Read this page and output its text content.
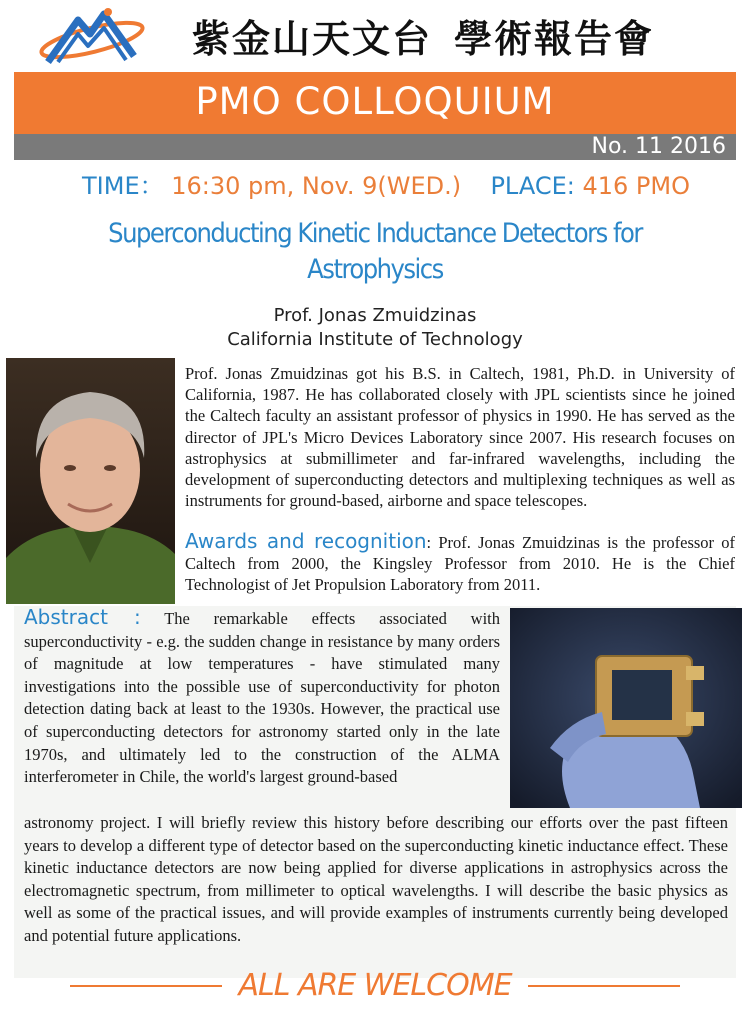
紫金山天文台 學術報告會
PMO COLLOQUIUM
No. 11 2016
TIME： 16:30 pm, Nov. 9(WED.) PLACE: 416 PMO
Superconducting Kinetic Inductance Detectors for Astrophysics
Prof. Jonas Zmuidzinas
California Institute of Technology
Prof. Jonas Zmuidzinas got his B.S. in Caltech, 1981, Ph.D. in University of California, 1987. He has collaborated closely with JPL scientists since he joined the Caltech faculty an assistant professor of physics in 1990. He has served as the director of JPL's Micro Devices Laboratory since 2007. His research focuses on astrophysics at submillimeter and far-infrared wavelengths, including the development of superconducting detectors and multiplexing techniques as well as instruments for ground-based, airborne and space telescopes.
Awards and recognition: Prof. Jonas Zmuidzinas is the professor of Caltech from 2000, the Kingsley Professor from 2010. He is the Chief Technologist of Jet Propulsion Laboratory from 2011.
Abstract : The remarkable effects associated with superconductivity - e.g. the sudden change in resistance by many orders of magnitude at low temperatures - have stimulated many investigations into the possible use of superconductivity for photon detection dating back at least to the 1930s. However, the practical use of superconducting detectors for astronomy started only in the late 1970s, and ultimately led to the construction of the ALMA interferometer in Chile, the world's largest ground-based
astronomy project. I will briefly review this history before describing our efforts over the past fifteen years to develop a different type of detector based on the superconducting kinetic inductance effect. These kinetic inductance detectors are now being applied for diverse applications in astrophysics across the electromagnetic spectrum, from millimeter to optical wavelengths. I will describe the basic physics as well as some of the practical issues, and will provide examples of instruments currently being developed and potential future applications.
ALL ARE WELCOME
